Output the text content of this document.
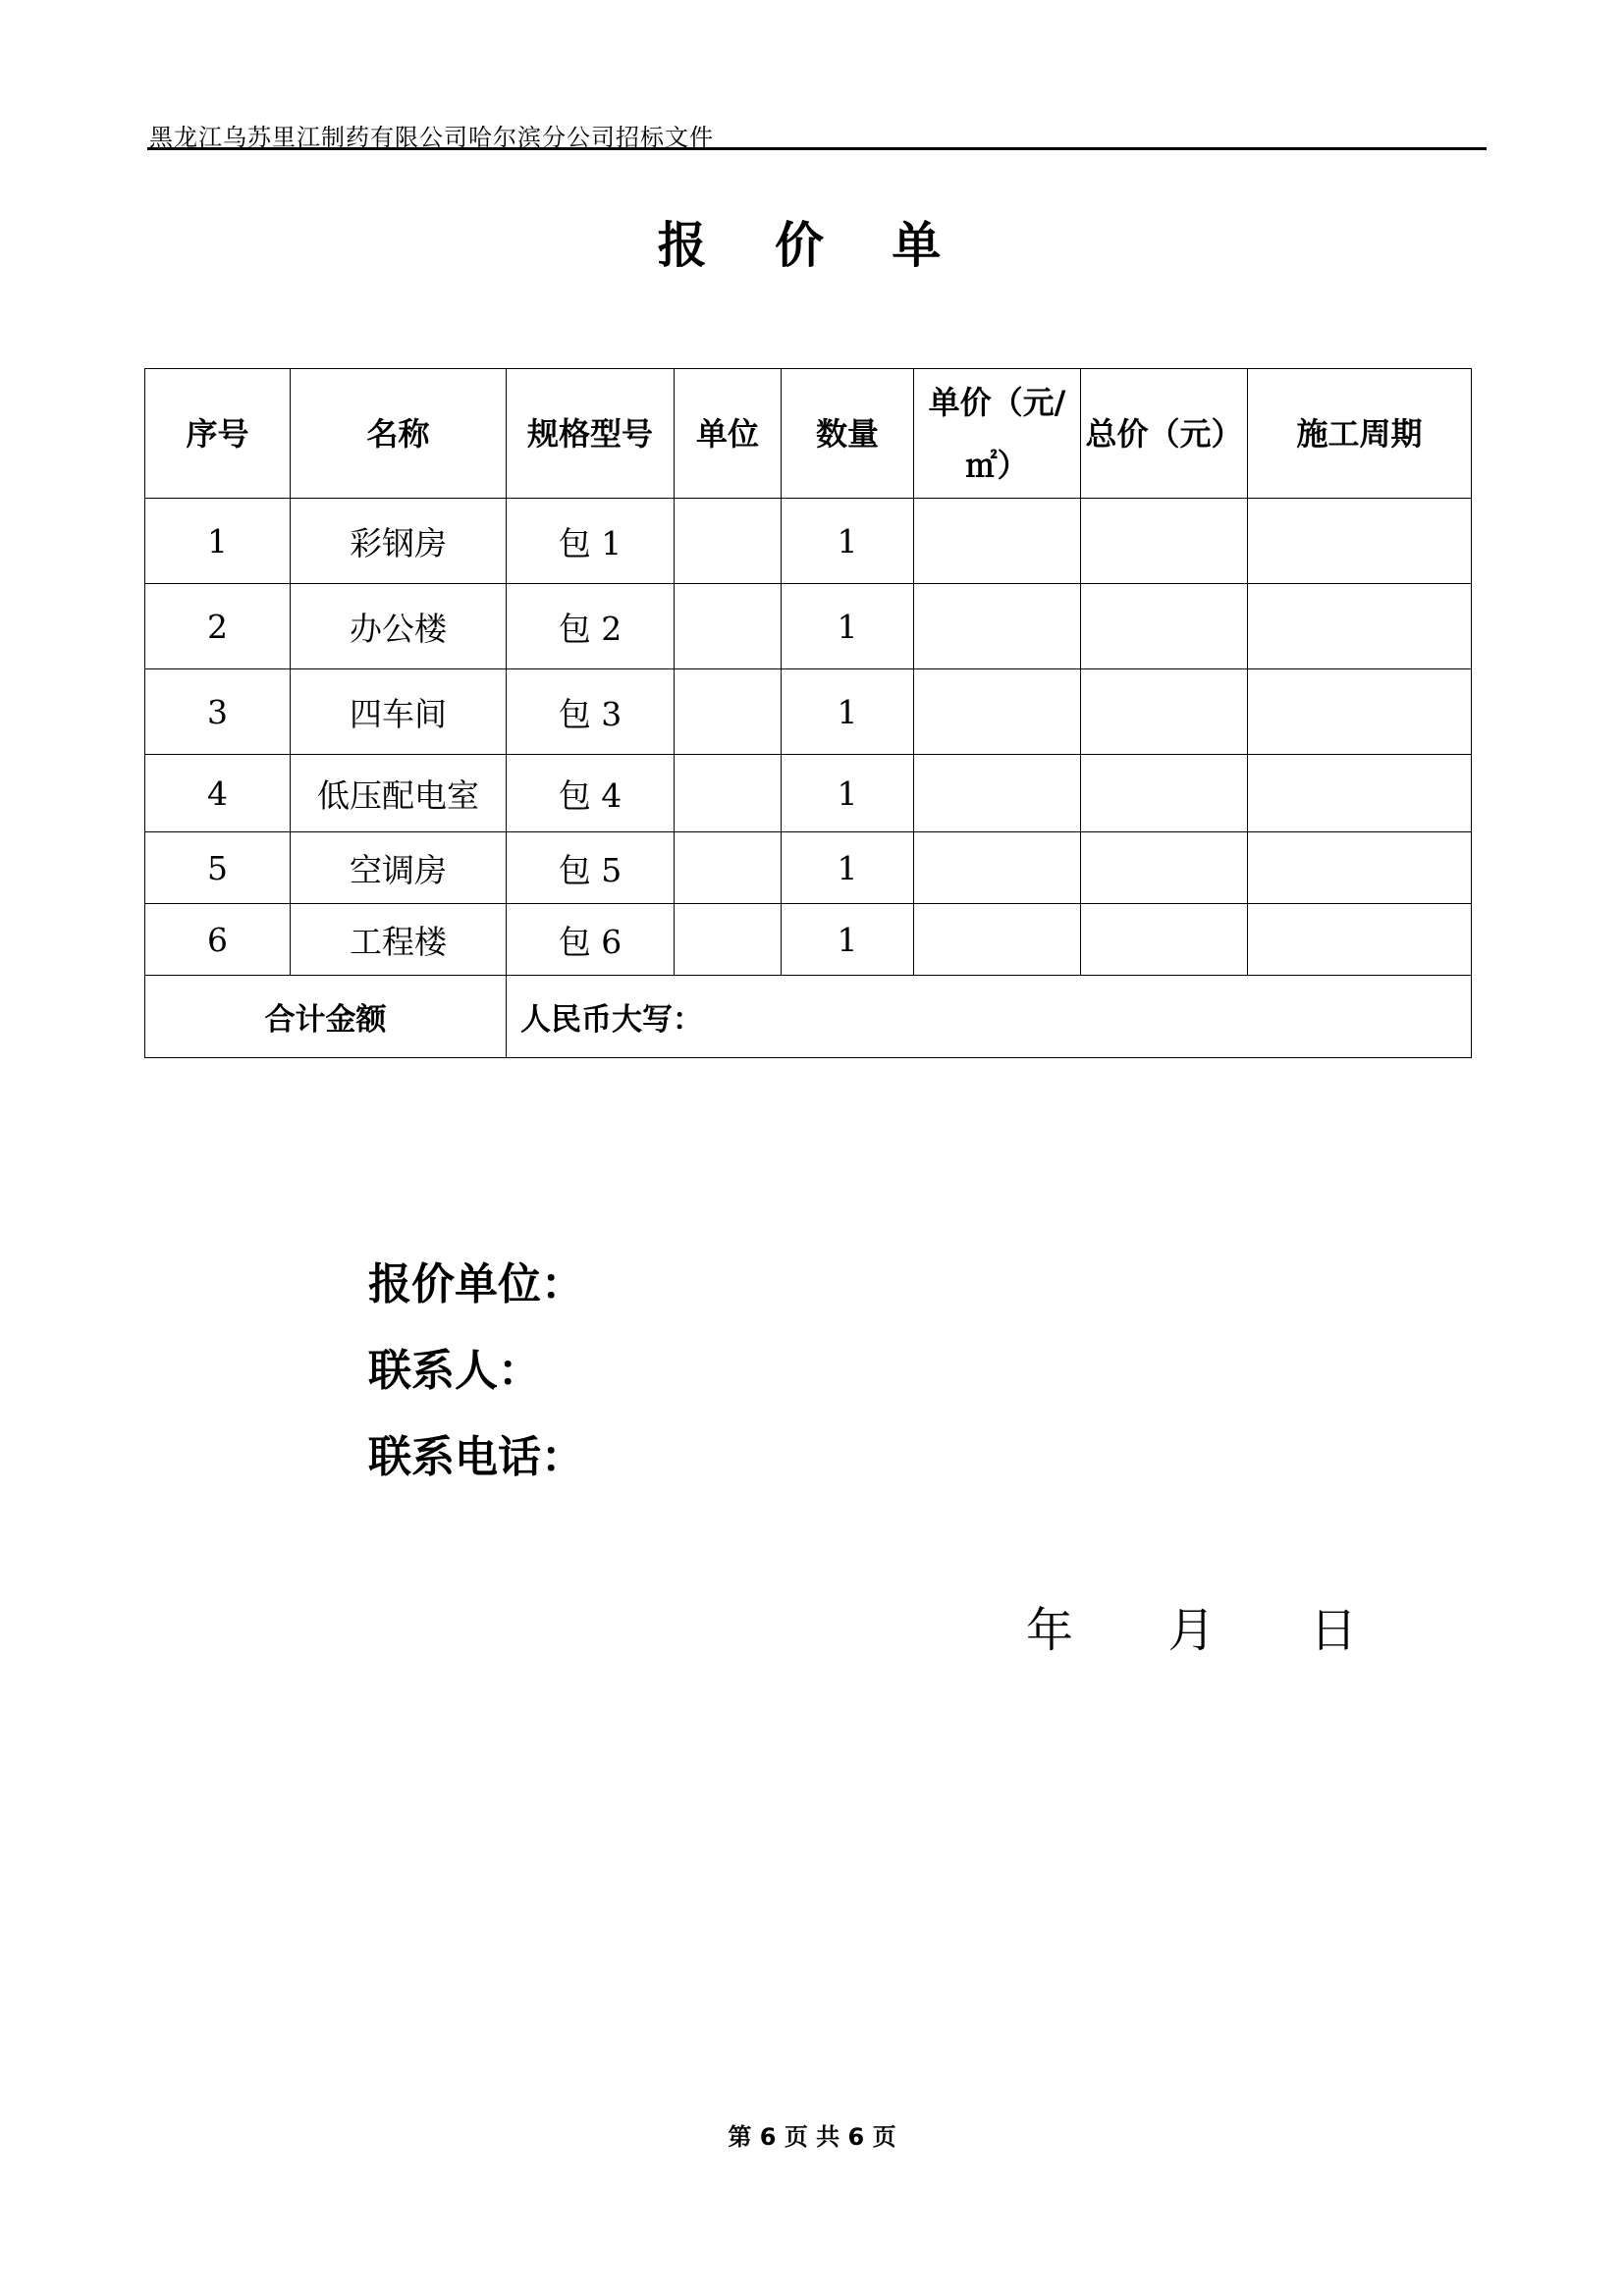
黑龙江乌苏里江制药有限公司哈尔滨分公司招标文件
报 价 单
序号	名称	规格型号	单位	数量	单价（元/㎡）	总价（元）	施工周期
1	彩钢房	包 1		1			
2	办公楼	包 2		1			
3	四车间	包 3		1			
4	低压配电室	包 4		1			
5	空调房	包 5		1			
6	工程楼	包 6		1			
合计金额		人民币大写：					
报价单位：
联系人：
联系电话：
年 月 日
第 6 页 共 6 页
